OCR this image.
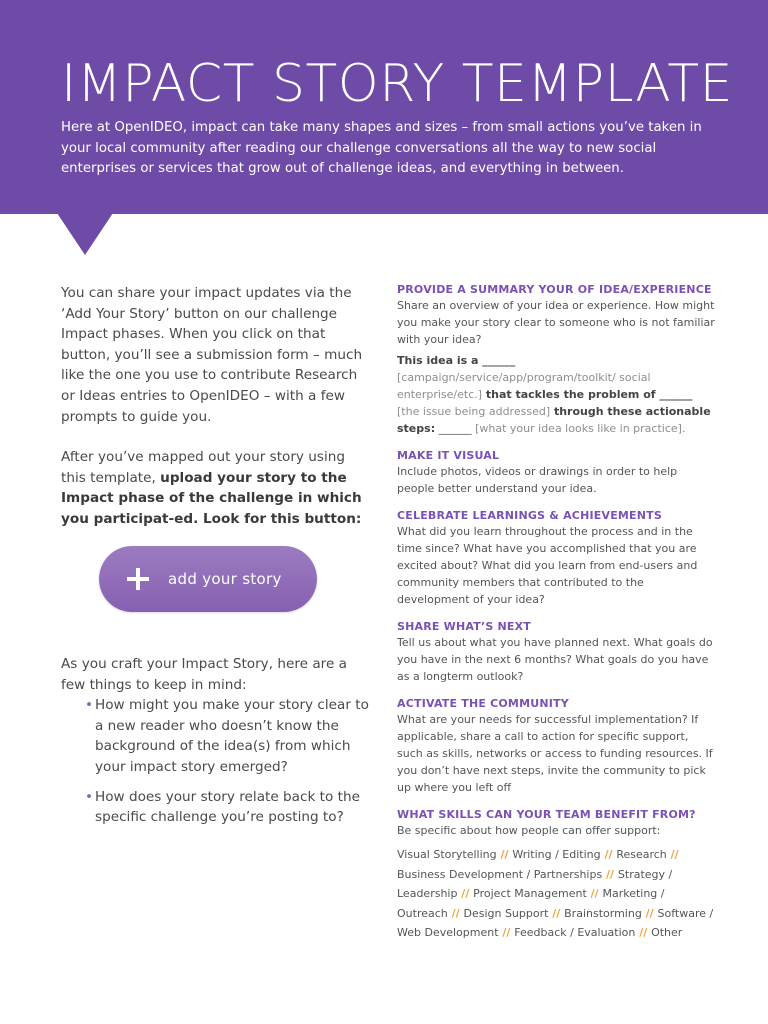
IMPACT STORY TEMPLATE

Here at OpenIDEO, impact can take many shapes and sizes – from small actions you’ve taken in your local community after reading our challenge conversations all the way to new social enterprises or services that grow out of challenge ideas, and everything in between.

You can share your impact updates via the ‘Add Your Story’ button on our challenge Impact phases. When you click on that button, you’ll see a submission form – much like the one you use to contribute Research or Ideas entries to OpenIDEO – with a few prompts to guide you.

After you’ve mapped out your story using this template, upload your story to the Impact phase of the challenge in which you participat-ed. Look for this button:

add your story

As you craft your Impact Story, here are a few things to keep in mind:

• How might you make your story clear to a new reader who doesn’t know the background of the idea(s) from which your impact story emerged?
• How does your story relate back to the specific challenge you’re posting to?
PROVIDE A SUMMARY YOUR OF IDEA/EXPERIENCE
Share an overview of your idea or experience. How might you make your story clear to someone who is not familiar with your idea?
This idea is a ______ [campaign/service/app/program/toolkit/ social enterprise/etc.] that tackles the problem of ______ [the issue being addressed] through these actionable steps: ______ [what your idea looks like in practice].
MAKE IT VISUAL
Include photos, videos or drawings in order to help people better understand your idea.
CELEBRATE LEARNINGS & ACHIEVEMENTS
What did you learn throughout the process and in the time since? What have you accomplished that you are excited about? What did you learn from end-users and community members that contributed to the development of your idea?
SHARE WHAT’S NEXT
Tell us about what you have planned next. What goals do you have in the next 6 months? What goals do you have as a longterm outlook?
ACTIVATE THE COMMUNITY
What are your needs for successful implementation? If applicable, share a call to action for specific support, such as skills, networks or access to funding resources. If you don’t have next steps, invite the community to pick up where you left off
WHAT SKILLS CAN YOUR TEAM BENEFIT FROM?
Be specific about how people can offer support:
Visual Storytelling // Writing / Editing // Research // Business Development / Partnerships // Strategy / Leadership // Project Management // Marketing / Outreach // Design Support // Brainstorming // Software / Web Development // Feedback / Evaluation // Other
